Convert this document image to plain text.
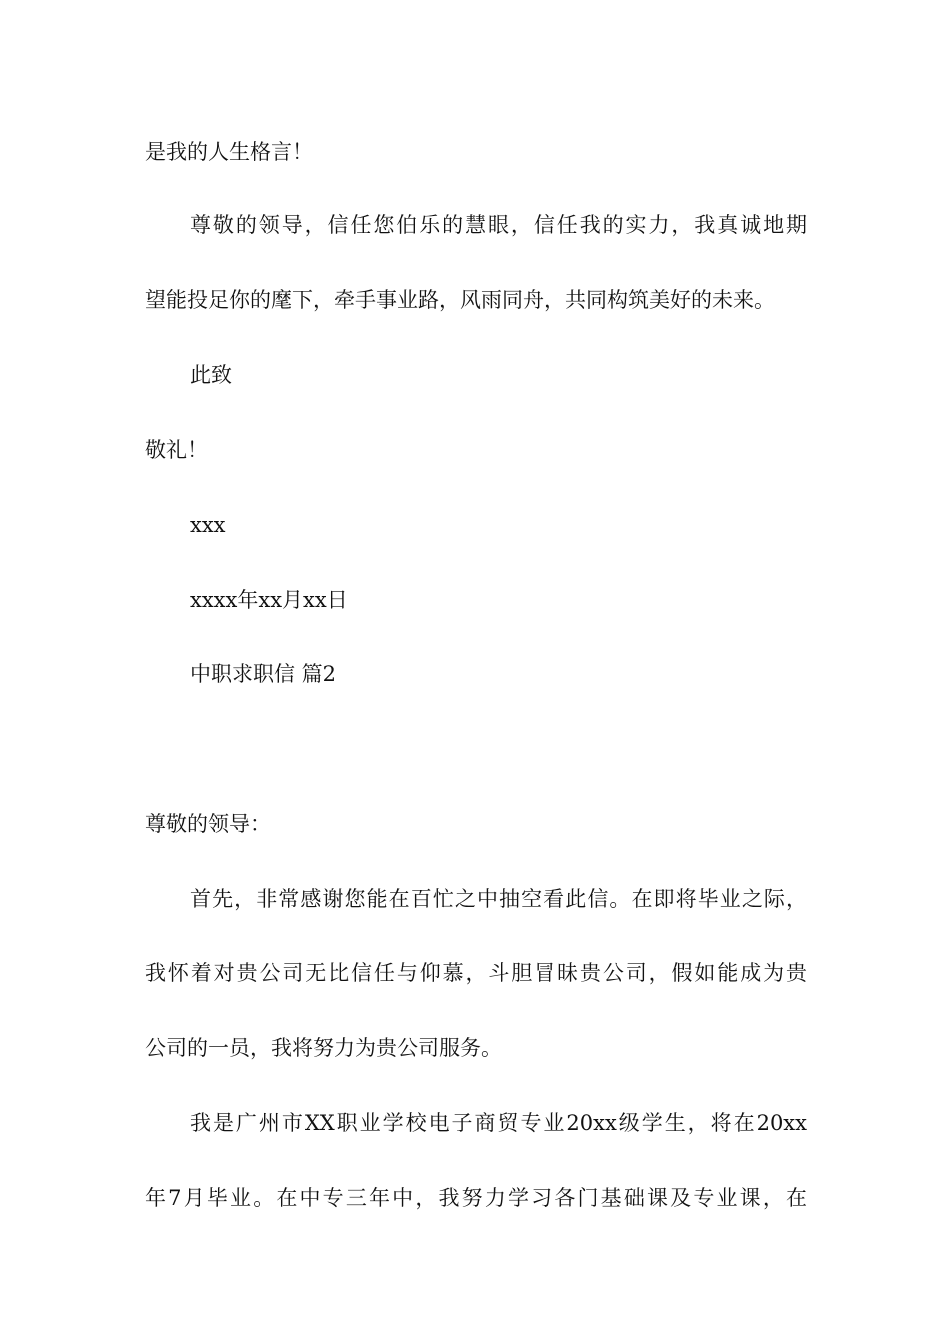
是我的人生格言！
尊敬的领导，信任您伯乐的慧眼，信任我的实力，我真诚地期
望能投足你的麾下，牵手事业路，风雨同舟，共同构筑美好的未来。
此致
敬礼！
xxx
xxxx年xx月xx日
中职求职信 篇2
尊敬的领导：
首先，非常感谢您能在百忙之中抽空看此信。在即将毕业之际，
我怀着对贵公司无比信任与仰慕，斗胆冒昧贵公司，假如能成为贵
公司的一员，我将努力为贵公司服务。
我是广州市XX职业学校电子商贸专业20xx级学生，将在20xx
年7月毕业。在中专三年中，我努力学习各门基础课及专业课，在
